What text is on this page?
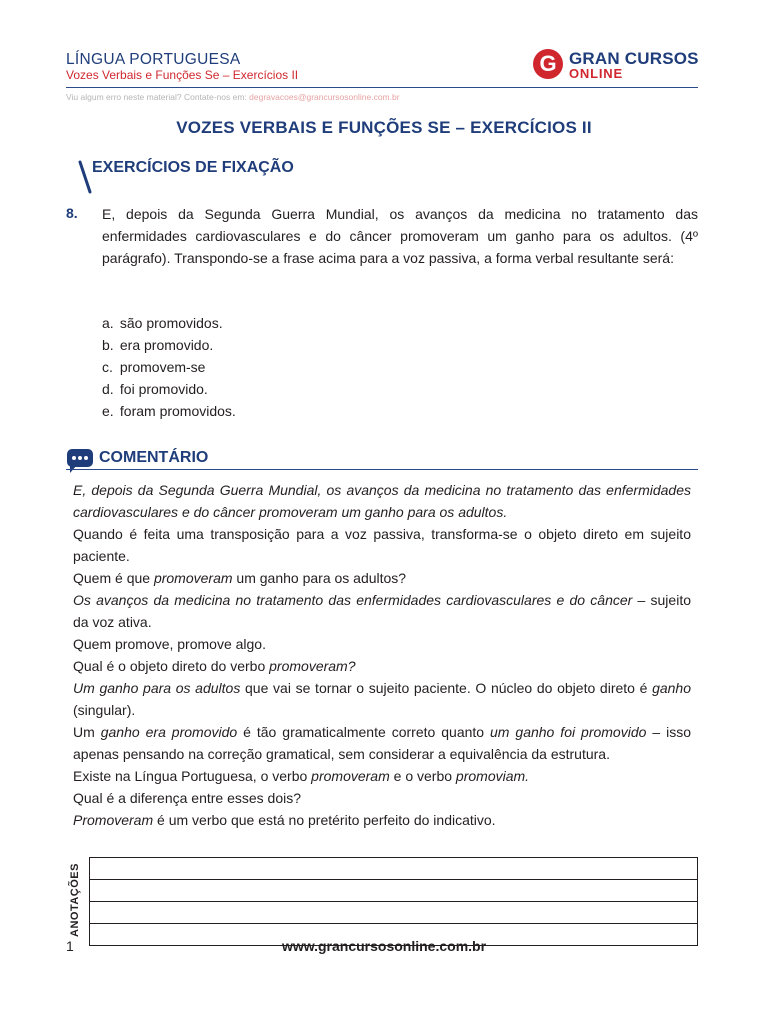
LÍNGUA PORTUGUESA
Vozes Verbais e Funções Se – Exercícios II	G GRAN CURSOS
ONLINE
Viu algum erro neste material? Contate-nos em: degravacoes@grancursosonline.com.br
VOZES VERBAIS E FUNÇÕES SE – EXERCÍCIOS II
EXERCÍCIOS DE FIXAÇÃO
8. E, depois da Segunda Guerra Mundial, os avanços da medicina no tratamento das enfermidades cardiovasculares e do câncer promoveram um ganho para os adultos. (4º parágrafo). Transpondo-se a frase acima para a voz passiva, a forma verbal resultante será:
a. são promovidos.
b. era promovido.
c. promovem-se
d. foi promovido.
e. foram promovidos.
COMENTÁRIO

E, depois da Segunda Guerra Mundial, os avanços da medicina no tratamento das enfermidades cardiovasculares e do câncer promoveram um ganho para os adultos.

Quando é feita uma transposição para a voz passiva, transforma-se o objeto direto em sujeito paciente.

Quem é que promoveram um ganho para os adultos?

Os avanços da medicina no tratamento das enfermidades cardiovasculares e do câncer – sujeito da voz ativa.

Quem promove, promove algo.

Qual é o objeto direto do verbo promoveram?

Um ganho para os adultos que vai se tornar o sujeito paciente. O núcleo do objeto direto é ganho (singular).

Um ganho era promovido é tão gramaticalmente correto quanto um ganho foi promovido – isso apenas pensando na correção gramatical, sem considerar a equivalência da estrutura.

Existe na Língua Portuguesa, o verbo promoveram e o verbo promoviam.

Qual é a diferença entre esses dois?

Promoveram é um verbo que está no pretérito perfeito do indicativo.

ANOTAÇÕES
1	www.grancursosonline.com.br
